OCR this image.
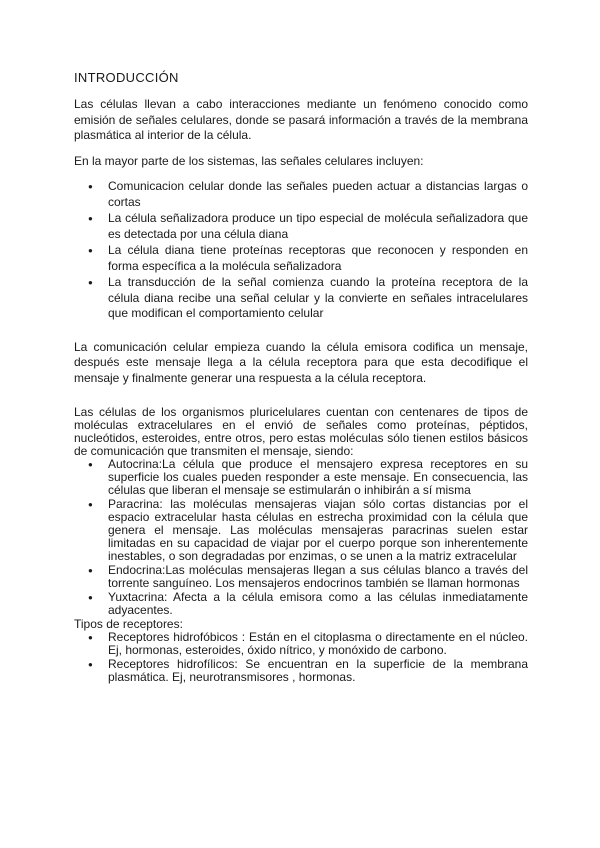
INTRODUCCIÓN

Las células llevan a cabo interacciones mediante un fenómeno conocido como emisión de señales celulares, donde se pasará información a través de la membrana plasmática al interior de la célula.

En la mayor parte de los sistemas, las señales celulares incluyen:

● Comunicacion celular donde las señales pueden actuar a distancias largas o cortas
● La célula señalizadora produce un tipo especial de molécula señalizadora que es detectada por una célula diana
● La célula diana tiene proteínas receptoras que reconocen y responden en forma específica a la molécula señalizadora
● La transducción de la señal comienza cuando la proteína receptora de la célula diana recibe una señal celular y la convierte en señales intracelulares que modifican el comportamiento celular

La comunicación celular empieza cuando la célula emisora codifica un mensaje, después este mensaje llega a la célula receptora para que esta decodifique el mensaje y finalmente generar una respuesta a la célula receptora.

Las células de los organismos pluricelulares cuentan con centenares de tipos de moléculas extracelulares en el envió de señales como proteínas, péptidos, nucleótidos, esteroides, entre otros, pero estas moléculas sólo tienen estilos básicos de comunicación que transmiten el mensaje, siendo:

● Autocrina:La célula que produce el mensajero expresa receptores en su superficie los cuales pueden responder a este mensaje. En consecuencia, las células que liberan el mensaje se estimularán o inhibirán a sí misma
● Paracrina: las moléculas mensajeras viajan sólo cortas distancias por el espacio extracelular hasta células en estrecha proximidad con la célula que genera el mensaje. Las moléculas mensajeras paracrinas suelen estar limitadas en su capacidad de viajar por el cuerpo porque son inherentemente inestables, o son degradadas por enzimas, o se unen a la matriz extracelular
● Endocrina:Las moléculas mensajeras llegan a sus células blanco a través del torrente sanguíneo. Los mensajeros endocrinos también se llaman hormonas
● Yuxtacrina: Afecta a la célula emisora como a las células inmediatamente adyacentes.
Tipos de receptores:
● Receptores hidrofóbicos : Están en el citoplasma o directamente en el núcleo. Ej, hormonas, esteroides, óxido nítrico, y monóxido de carbono.
● Receptores hidrofílicos: Se encuentran en la superficie de la membrana plasmática. Ej, neurotransmisores , hormonas.
